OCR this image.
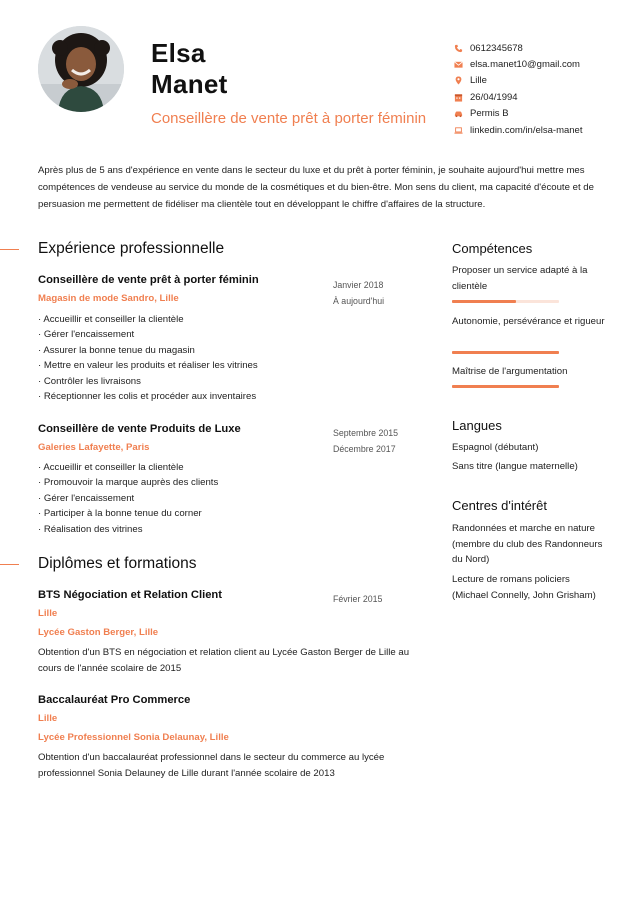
Elsa
Manet
Conseillère de vente prêt à porter féminin
0612345678
elsa.manet10@gmail.com
Lille
26/04/1994
Permis B
linkedin.com/in/elsa-manet

Après plus de 5 ans d'expérience en vente dans le secteur du luxe et du prêt à porter féminin, je souhaite aujourd'hui mettre mes compétences de vendeuse au service du monde de la cosmétiques et du bien-être. Mon sens du client, ma capacité d'écoute et de persuasion me permettent de fidéliser ma clientèle tout en développant le chiffre d'affaires de la structure.

Expérience professionnelle
Conseillère de vente prêt à porter féminin
Magasin de mode Sandro, Lille
Janvier 2018
À aujourd'hui
· Accueillir et conseiller la clientèle
· Gérer l'encaissement
· Assurer la bonne tenue du magasin
· Mettre en valeur les produits et réaliser les vitrines
· Contrôler les livraisons
· Réceptionner les colis et procéder aux inventaires
Conseillère de vente Produits de Luxe
Galeries Lafayette, Paris
Septembre 2015
Décembre 2017
· Accueillir et conseiller la clientèle
· Promouvoir la marque auprès des clients
· Gérer l'encaissement
· Participer à la bonne tenue du corner
· Réalisation des vitrines
Diplômes et formations
BTS Négociation et Relation Client	Février 2015
Lille
Lycée Gaston Berger, Lille

Obtention d'un BTS en négociation et relation client au Lycée Gaston Berger de Lille au cours de l'année scolaire de 2015

Baccalauréat Pro Commerce
Lille
Lycée Professionnel Sonia Delaunay, Lille

Obtention d'un baccalauréat professionnel dans le secteur du commerce au lycée professionnel Sonia Delauney de Lille durant l'année scolaire de 2013

Compétences
Proposer un service adapté à la clientèle
Autonomie, persévérance et rigueur
Maîtrise de l'argumentation
Langues
Espagnol (débutant)
Sans titre (langue maternelle)
Centres d'intérêt
Randonnées et marche en nature (membre du club des Randonneurs du Nord)
Lecture de romans policiers (Michael Connelly, John Grisham)
